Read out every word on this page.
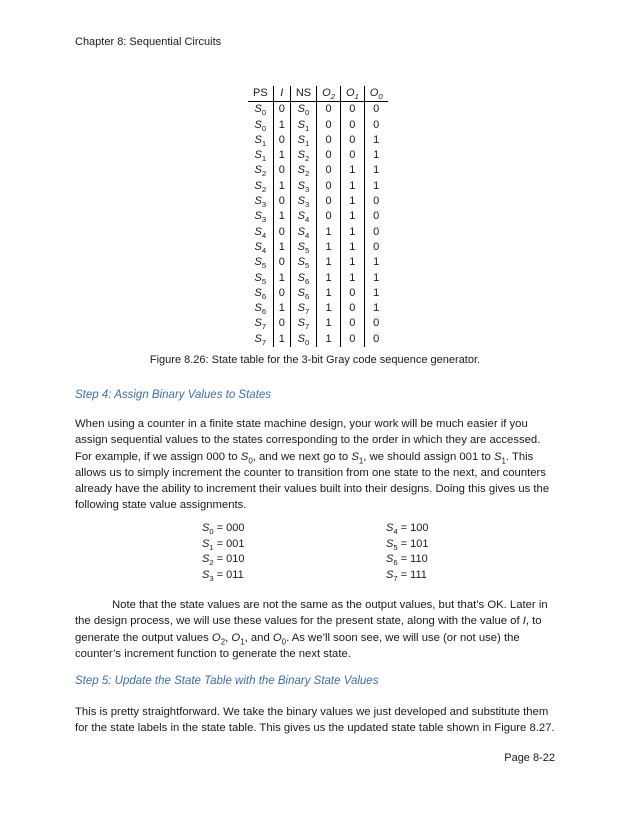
Chapter 8: Sequential Circuits
PS	I	NS	$O_2$	$O_1$	$O_0$
$S_0$	0	$S_0$	0	0	0
$S_0$	1	$S_1$	0	0	0
$S_1$	0	$S_1$	0	0	1
$S_1$	1	$S_2$	0	0	1
$S_2$	0	$S_2$	0	1	1
$S_2$	1	$S_3$	0	1	1
$S_3$	0	$S_3$	0	1	0
$S_3$	1	$S_4$	0	1	0
$S_4$	0	$S_4$	1	1	0
$S_4$	1	$S_5$	1	1	0
$S_5$	0	$S_5$	1	1	1
$S_5$	1	$S_6$	1	1	1
$S_6$	0	$S_6$	1	0	1
$S_6$	1	$S_7$	1	0	1
$S_7$	0	$S_7$	1	0	0
$S_7$	1	$S_0$	1	0	0
Figure 8.26: State table for the 3-bit Gray code sequence generator.
Step 4: Assign Binary Values to States
When using a counter in a finite state machine design, your work will be much easier if you assign sequential values to the states corresponding to the order in which they are accessed. For example, if we assign 000 to $S_0$, and we next go to $S_1$, we should assign 001 to $S_1$. This allows us to simply increment the counter to transition from one state to the next, and counters already have the ability to increment their values built into their designs. Doing this gives us the following state value assignments.
$S_0 = 000$
$S_1 = 001$
$S_2 = 010$
$S_3 = 011$
$S_4 = 100$
$S_5 = 101$
$S_6 = 110$
$S_7 = 111$
Note that the state values are not the same as the output values, but that’s OK. Later in the design process, we will use these values for the present state, along with the value of I, to generate the output values $O_2$, $O_1$, and $O_0$. As we’ll soon see, we will use (or not use) the counter’s increment function to generate the next state.
Step 5: Update the State Table with the Binary State Values
This is pretty straightforward. We take the binary values we just developed and substitute them for the state labels in the state table. This gives us the updated state table shown in Figure 8.27.
Page 8-22
